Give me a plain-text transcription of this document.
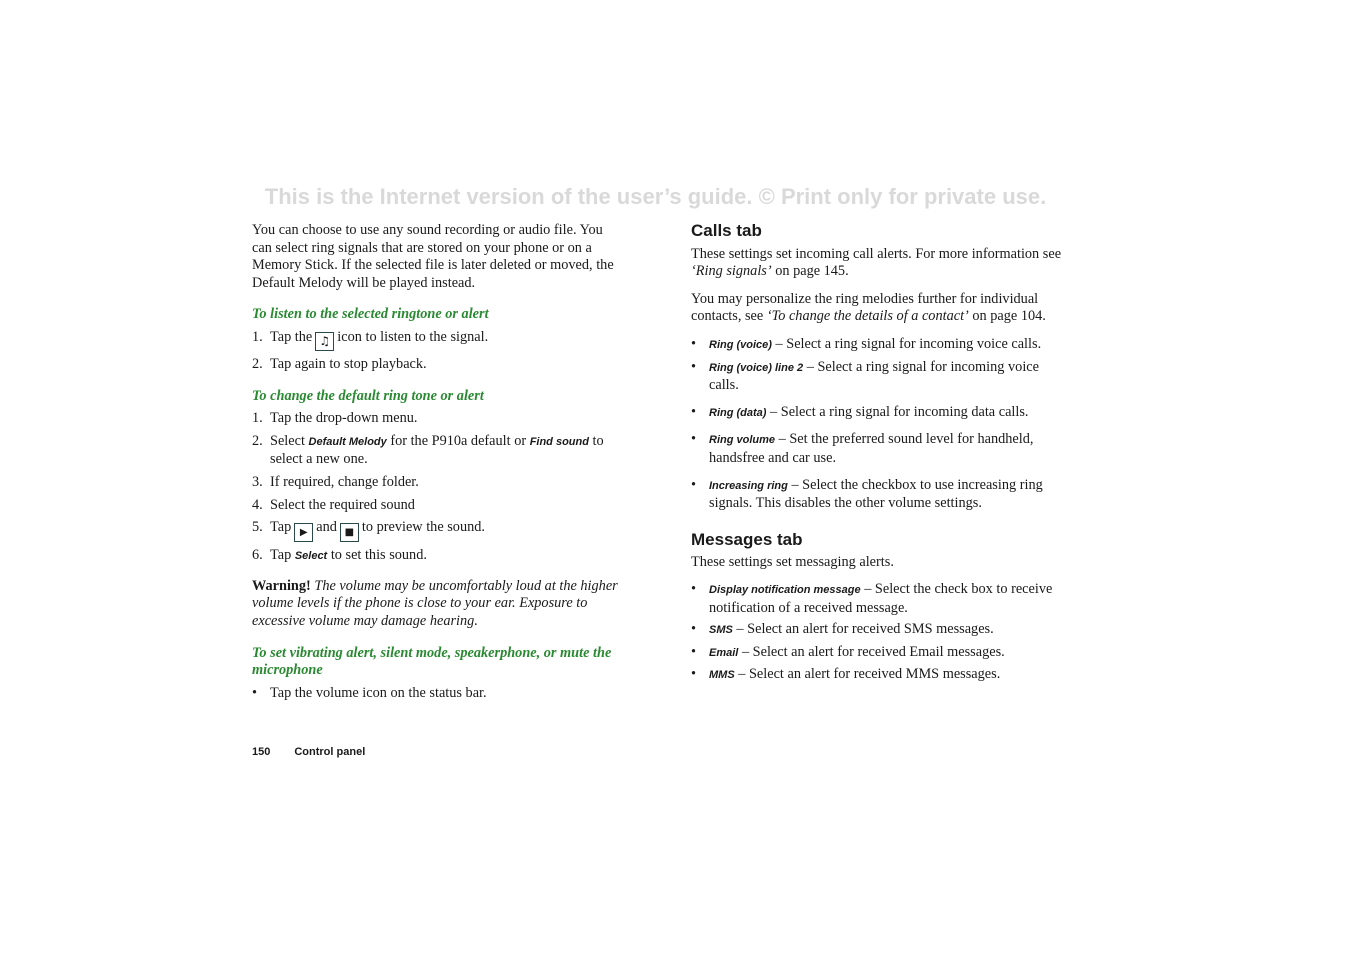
This is the Internet version of the user’s guide. © Print only for private use.

You can choose to use any sound recording or audio file. You can select ring signals that are stored on your phone or on a Memory Stick. If the selected file is later deleted or moved, the Default Melody will be played instead.

To listen to the selected ringtone or alert

1. Tap the ♫ icon to listen to the signal.
2. Tap again to stop playback.

To change the default ring tone or alert

1. Tap the drop-down menu.
2. Select Default Melody for the P910a default or Find sound to select a new one.
3. If required, change folder.
4. Select the required sound
5. Tap ▶ and ■ to preview the sound.
6. Tap Select to set this sound.

Warning! The volume may be uncomfortably loud at the higher volume levels if the phone is close to your ear. Exposure to excessive volume may damage hearing.

To set vibrating alert, silent mode, speakerphone, or mute the microphone

• Tap the volume icon on the status bar.
Calls tab

These settings set incoming call alerts. For more information see ‘Ring signals’ on page 145.

You may personalize the ring melodies further for individual contacts, see ‘To change the details of a contact’ on page 104.

• Ring (voice) – Select a ring signal for incoming voice calls.
• Ring (voice) line 2 – Select a ring signal for incoming voice calls.
• Ring (data) – Select a ring signal for incoming data calls.
• Ring volume – Set the preferred sound level for handheld, handsfree and car use.
• Increasing ring – Select the checkbox to use increasing ring signals. This disables the other volume settings.
Messages tab

These settings set messaging alerts.

• Display notification message – Select the check box to receive notification of a received message.
• SMS – Select an alert for received SMS messages.
• Email – Select an alert for received Email messages.
• MMS – Select an alert for received MMS messages.
150 Control panel
